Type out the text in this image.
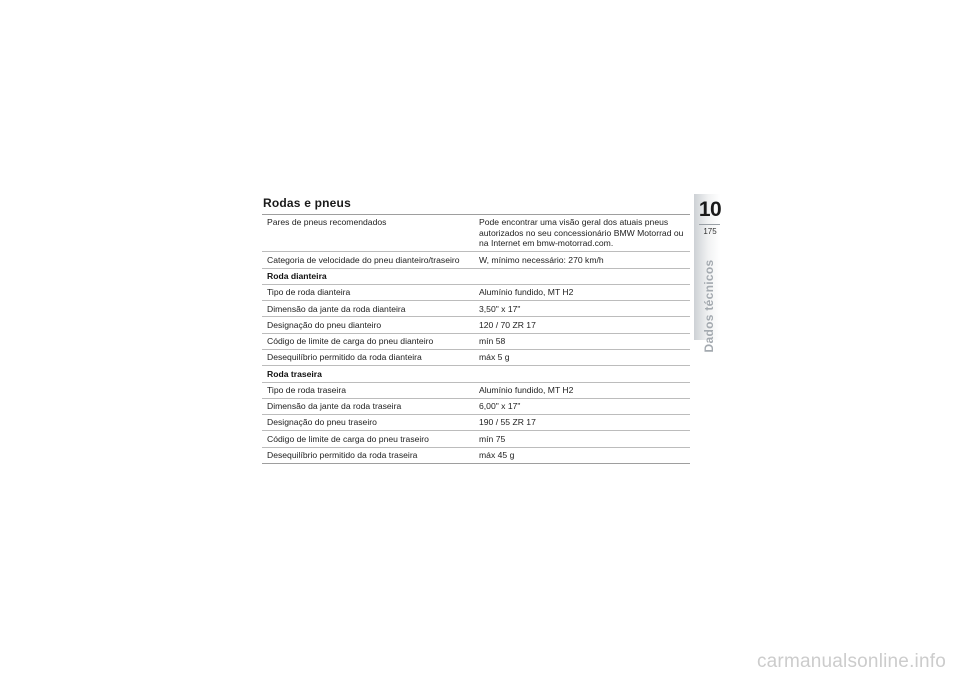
Rodas e pneus
Pares de pneus recomendados	Pode encontrar uma visão geral dos atuais pneus autorizados no seu concessionário BMW Motorrad ou na Internet em bmw-motorrad.com.
Categoria de velocidade do pneu dianteiro/traseiro	W, mínimo necessário: 270 km/h
Roda dianteira	
Tipo de roda dianteira	Alumínio fundido, MT H2
Dimensão da jante da roda dianteira	3,50" x 17"
Designação do pneu dianteiro	120 / 70 ZR 17
Código de limite de carga do pneu dianteiro	mín 58
Desequilíbrio permitido da roda dianteira	máx 5 g
Roda traseira	
Tipo de roda traseira	Alumínio fundido, MT H2
Dimensão da jante da roda traseira	6,00" x 17"
Designação do pneu traseiro	190 / 55 ZR 17
Código de limite de carga do pneu traseiro	mín 75
Desequilíbrio permitido da roda traseira	máx 45 g
10
175
Dados técnicos
carmanualsonline.info
